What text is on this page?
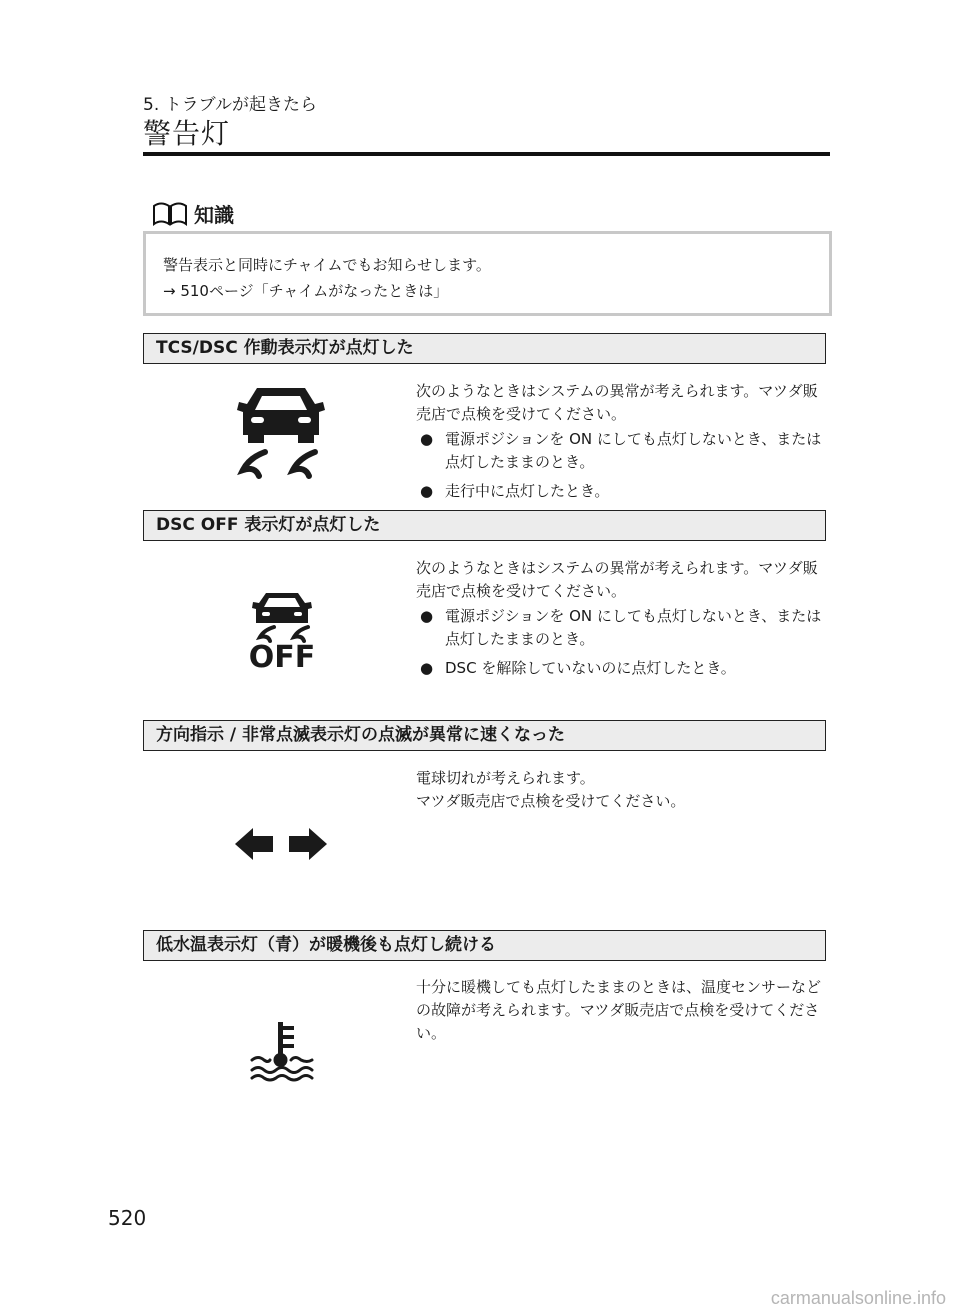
5. トラブルが起きたら
警告灯
知識
警告表示と同時にチャイムでもお知らせします。
→ 510ページ「チャイムがなったときは」
TCS/DSC 作動表示灯が点灯した
次のようなときはシステムの異常が考えられます。マツダ販売店で点検を受けてください。
● 電源ポジションを ON にしても点灯しないとき、または点灯したままのとき。
● 走行中に点灯したとき。
DSC OFF 表示灯が点灯した
OFF
次のようなときはシステムの異常が考えられます。マツダ販売店で点検を受けてください。
● 電源ポジションを ON にしても点灯しないとき、または点灯したままのとき。
● DSC を解除していないのに点灯したとき。
方向指示 / 非常点滅表示灯の点滅が異常に速くなった
電球切れが考えられます。
マツダ販売店で点検を受けてください。
低水温表示灯（青）が暖機後も点灯し続ける
十分に暖機しても点灯したままのときは、温度センサーなどの故障が考えられます。マツダ販売店で点検を受けてください。
520
carmanualsonline.info
